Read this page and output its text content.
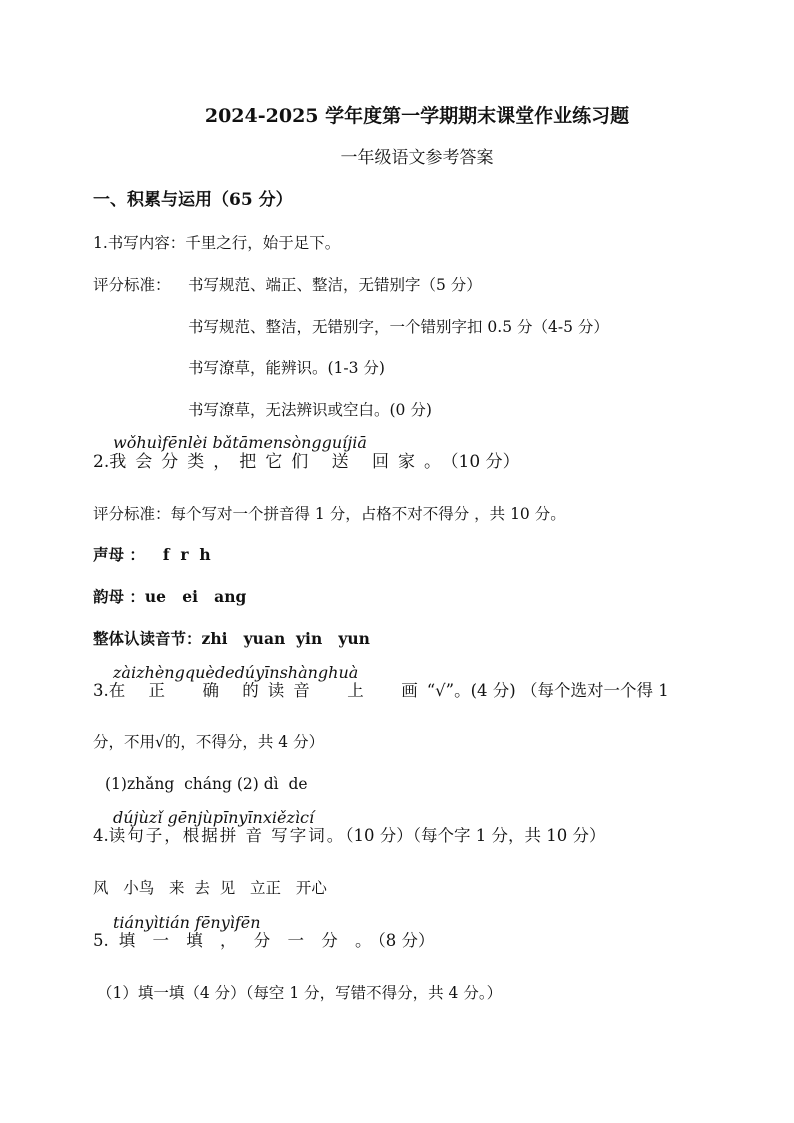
2024-2025 学年度第一学期期末课堂作业练习题
一年级语文参考答案
一、积累与运用（65 分）
1.书写内容：千里之行，始于足下。
评分标准： 书写规范、端正、整洁，无错别字（5 分）
书写规范、整洁，无错别字，一个错别字扣 0.5 分（4-5 分）
书写潦草，能辨识。(1-3 分)
书写潦草，无法辨识或空白。(0 分)
wǒhuìfēnlèi bǎtāmensòngguíjiā
2.我会分类，把它们 送 回家。（10 分）
评分标准：每个写对一个拼音得 1 分，占格不对不得分 ，共 10 分。
声母 ： f  r  h
韵母 ：ue   ei   ang
整体认读音节：zhi   yuan  yin   yun
zàizhèngquèdedúyīnshànghuà
3.在 正  确 的读音  上  画“√”。(4 分) （每个选对一个得 1
分，不用√的，不得分，共 4 分）
(1)zhǎng  cháng (2) dì  de
dújùzǐ gēnjùpīnyīnxiězìcí
4.读句子，根据拼 音 写字词。（10 分）（每个字 1 分，共 10 分）
风   小鸟   来  去  见   立正   开心
tiányìtián fēnyìfēn
5. 填 一 填 ， 分 一 分 。（8 分）
（1）填一填（4 分）（每空 1 分，写错不得分，共 4 分。）
